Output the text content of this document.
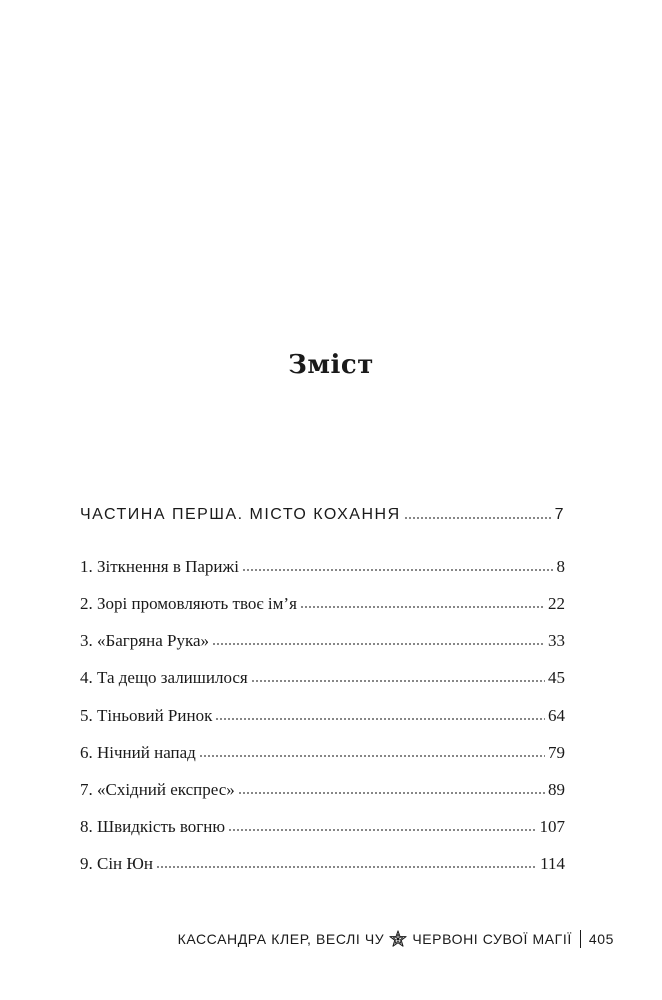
Зміст
ЧАСТИНА ПЕРША. МІСТО КОХАННЯ	7
1. Зіткнення в Парижі	8
2. Зорі промовляють твоє ім’я	22
3. «Багряна Рука»	33
4. Та дещо залишилося	45
5. Тіньовий Ринок	64
6. Нічний напад	79
7. «Східний експрес»	89
8. Швидкість вогню	107
9. Сін Юн	114
КАССАНДРА КЛЕР, ВЕСЛІ ЧУ ЧЕРВОНІ СУВОЇ МАГІЇ 405
